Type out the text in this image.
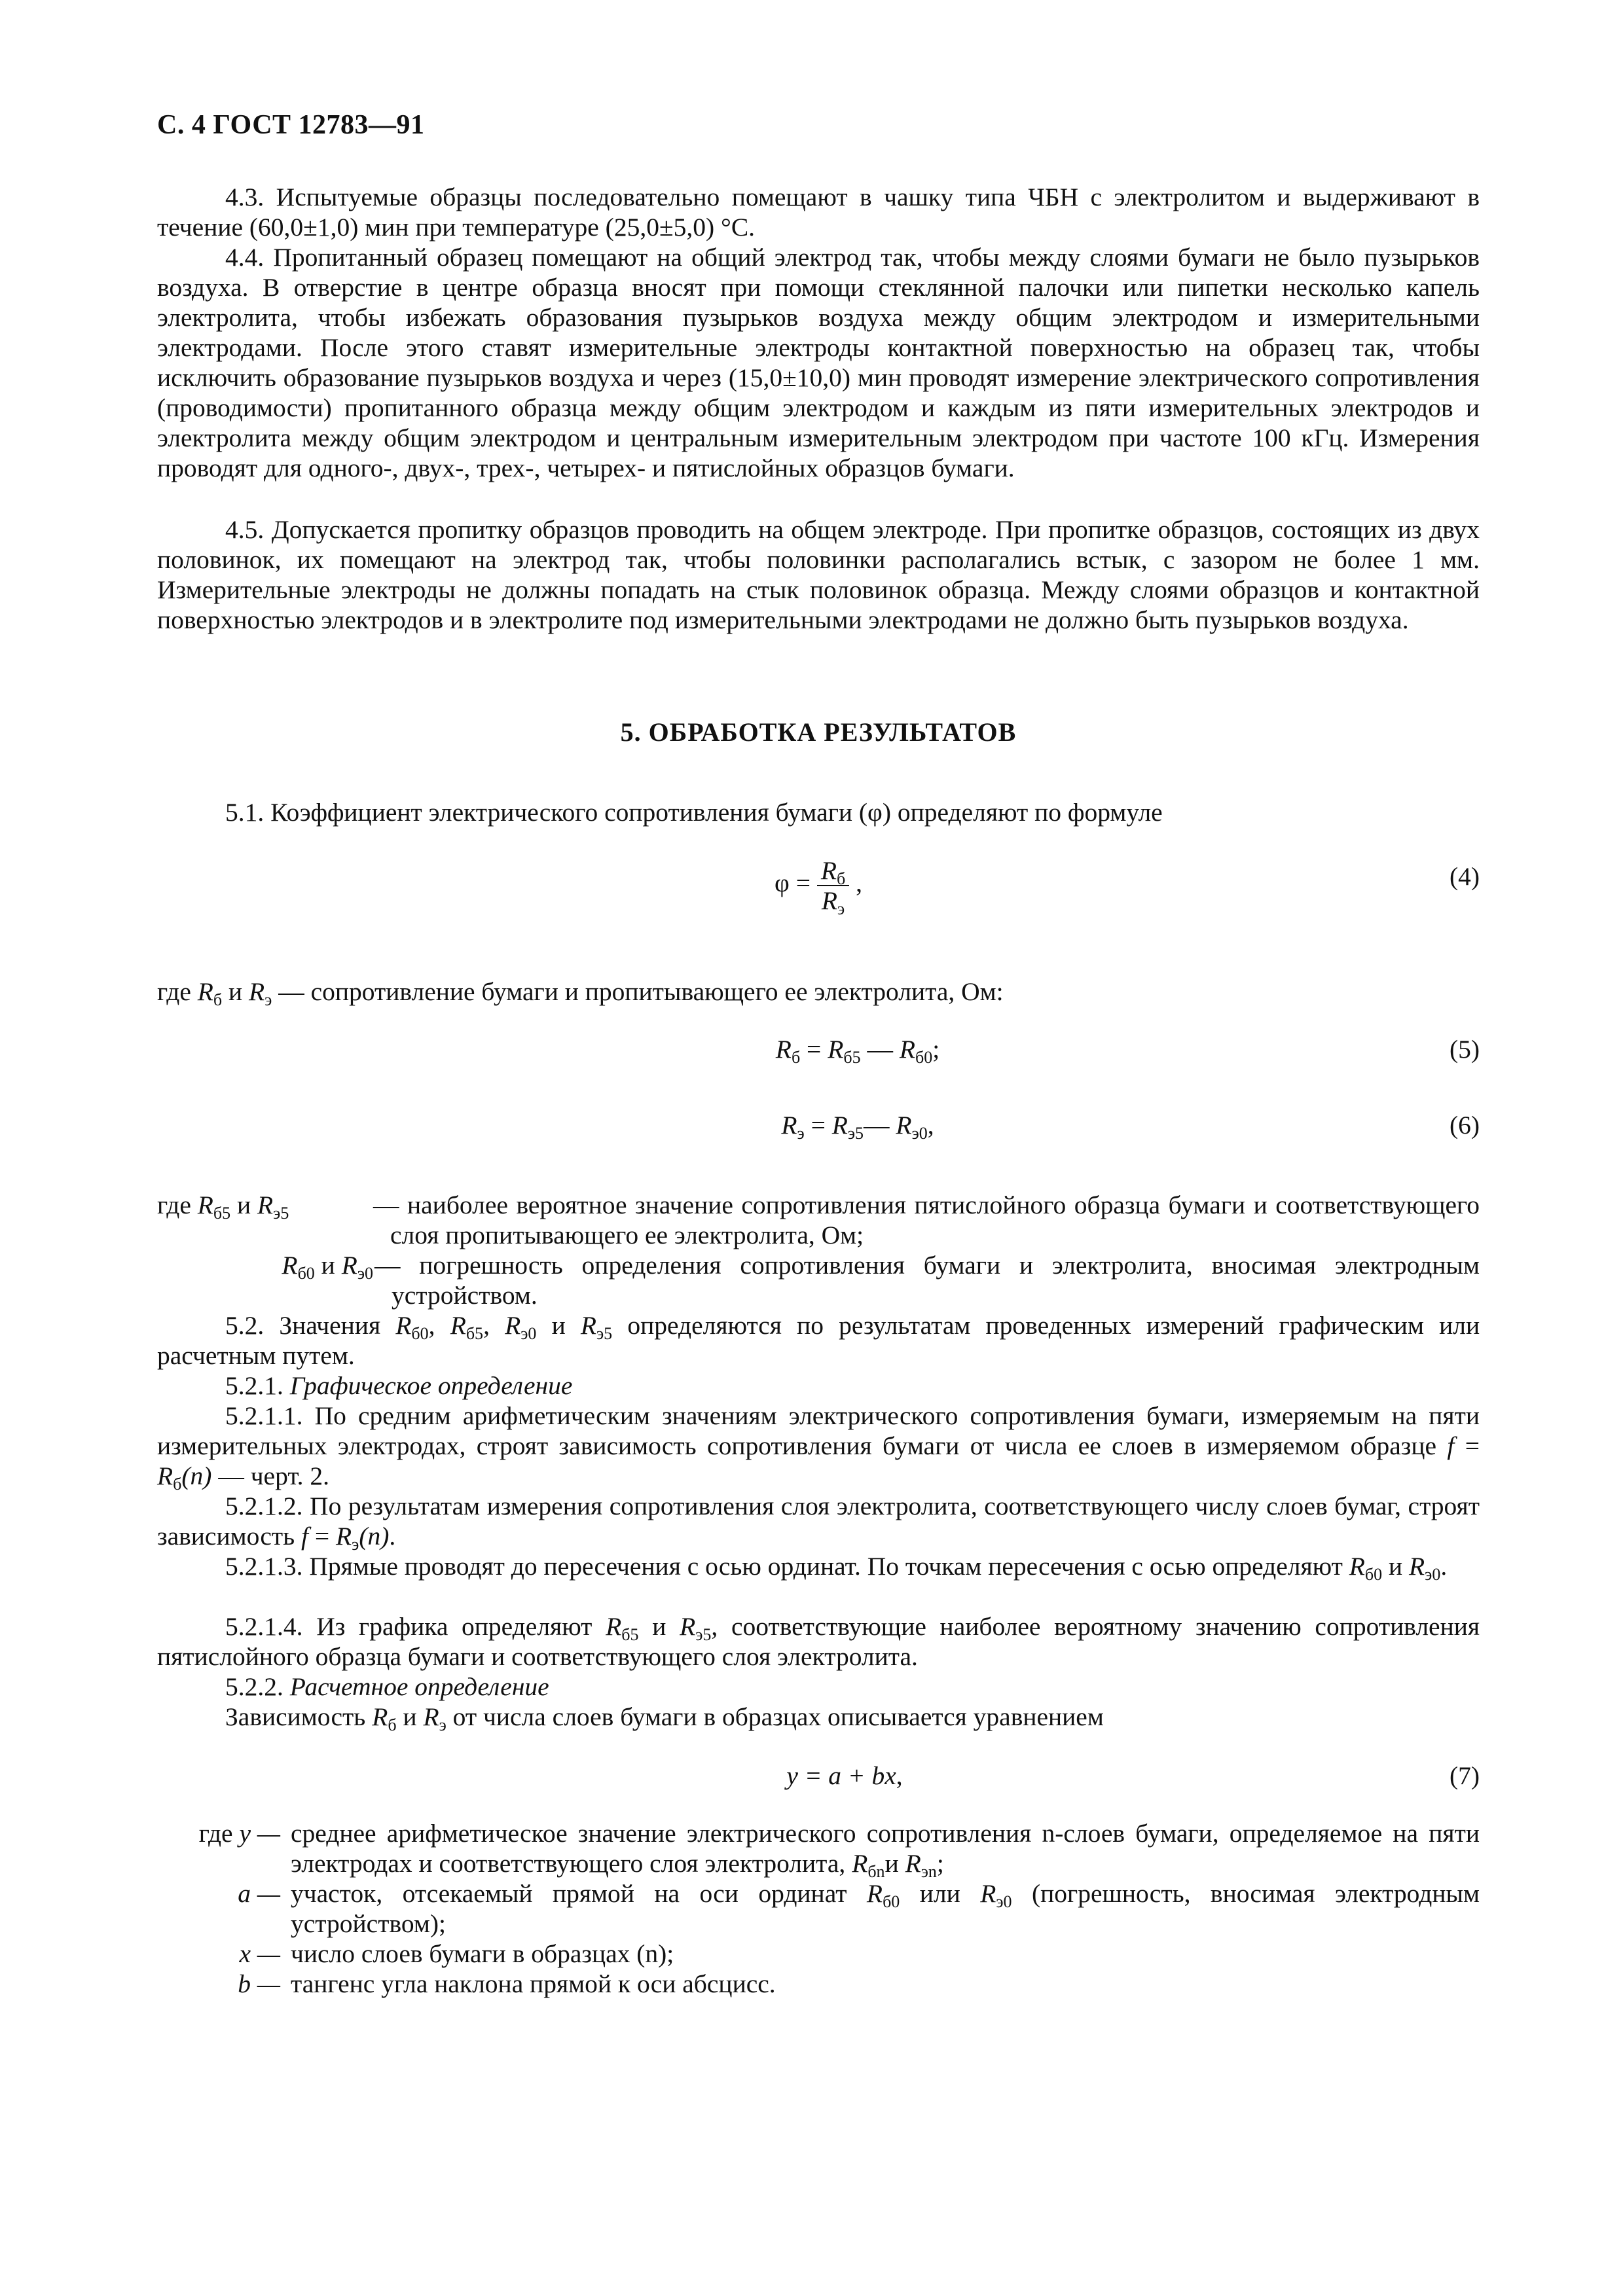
С. 4 ГОСТ 12783—91

4.3. Испытуемые образцы последовательно помещают в чашку типа ЧБН с электролитом и выдерживают в течение (60,0±1,0) мин при температуре (25,0±5,0) °С.

4.4. Пропитанный образец помещают на общий электрод так, чтобы между слоями бумаги не было пузырьков воздуха. В отверстие в центре образца вносят при помощи стеклянной палочки или пипетки несколько капель электролита, чтобы избежать образования пузырьков воздуха между общим электродом и измерительными электродами. После этого ставят измерительные электроды контактной поверхностью на образец так, чтобы исключить образование пузырьков воздуха и через (15,0±10,0) мин проводят измерение электрического сопротивления (проводимости) пропитанного образца между общим электродом и каждым из пяти измерительных электродов и электролита между общим электродом и центральным измерительным электродом при частоте 100 кГц. Измерения проводят для одного-, двух-, трех-, четырех- и пятислойных образцов бумаги.

4.5. Допускается пропитку образцов проводить на общем электроде. При пропитке образцов, состоящих из двух половинок, их помещают на электрод так, чтобы половинки располагались встык, с зазором не более 1 мм. Измерительные электроды не должны попадать на стык половинок образца. Между слоями образцов и контактной поверхностью электродов и в электролите под измерительными электродами не должно быть пузырьков воздуха.

5. ОБРАБОТКА РЕЗУЛЬТАТОВ

5.1. Коэффициент электрического сопротивления бумаги (φ) определяют по формуле

$\varphi = \frac{R_б}{R_э}$ ,	(4)

где $R_б$ и $R_э$ — сопротивление бумаги и пропитывающего ее электролита, Ом:

$R_б = R_{б5}$ — $R_{б0}$;	(5)
$R_э$ = $R_{э5}—$ $R_{э0}$,	(6)
где $R_{б5}$ и $R_{э5}$	— наиболее вероятное значение сопротивления пятислойного образца бумаги и соответствующего слоя пропитывающего ее электролита, Ом;
$R_{б0}$ и $R_{э0}$ — погрешность определения сопротивления бумаги и электролита, вносимая электродным устройством.

5.2. Значения $R_{б0}$, $R_{б5}$, $R_{э0}$ и $R_{э5}$ определяются по результатам проведенных измерений графическим или расчетным путем.

5.2.1. Графическое определение

5.2.1.1. По средним арифметическим значениям электрического сопротивления бумаги, измеряемым на пяти измерительных электродах, строят зависимость сопротивления бумаги от числа ее слоев в измеряемом образце $f = R_б(n)$ — черт. 2.

5.2.1.2. По результатам измерения сопротивления слоя электролита, соответствующего числу слоев бумаг, строят зависимость $f = R_э(n)$.

5.2.1.3. Прямые проводят до пересечения с осью ординат. По точкам пересечения с осью определяют $R_{б0}$ и $R_{э0}$.

5.2.1.4. Из графика определяют $R_{б5}$ и $R_{э5}$, соответствующие наиболее вероятному значению сопротивления пятислойного образца бумаги и соответствующего слоя электролита.

5.2.2. Расчетное определение

Зависимость $R_б$ и $R_э$ от числа слоев бумаги в образцах описывается уравнением

y = a + bx,	(7)
где y — среднее арифметическое значение электрического сопротивления n-слоев бумаги, определяемое на пяти электродах и соответствующего слоя электролита, $R_{бn}и$ $R_{эn}$;
a — участок, отсекаемый прямой на оси ординат $R_{б0}$ или $R_{э0}$ (погрешность, вносимая электродным устройством);
x — число слоев бумаги в образцах (n);
b — тангенс угла наклона прямой к оси абсцисс.
